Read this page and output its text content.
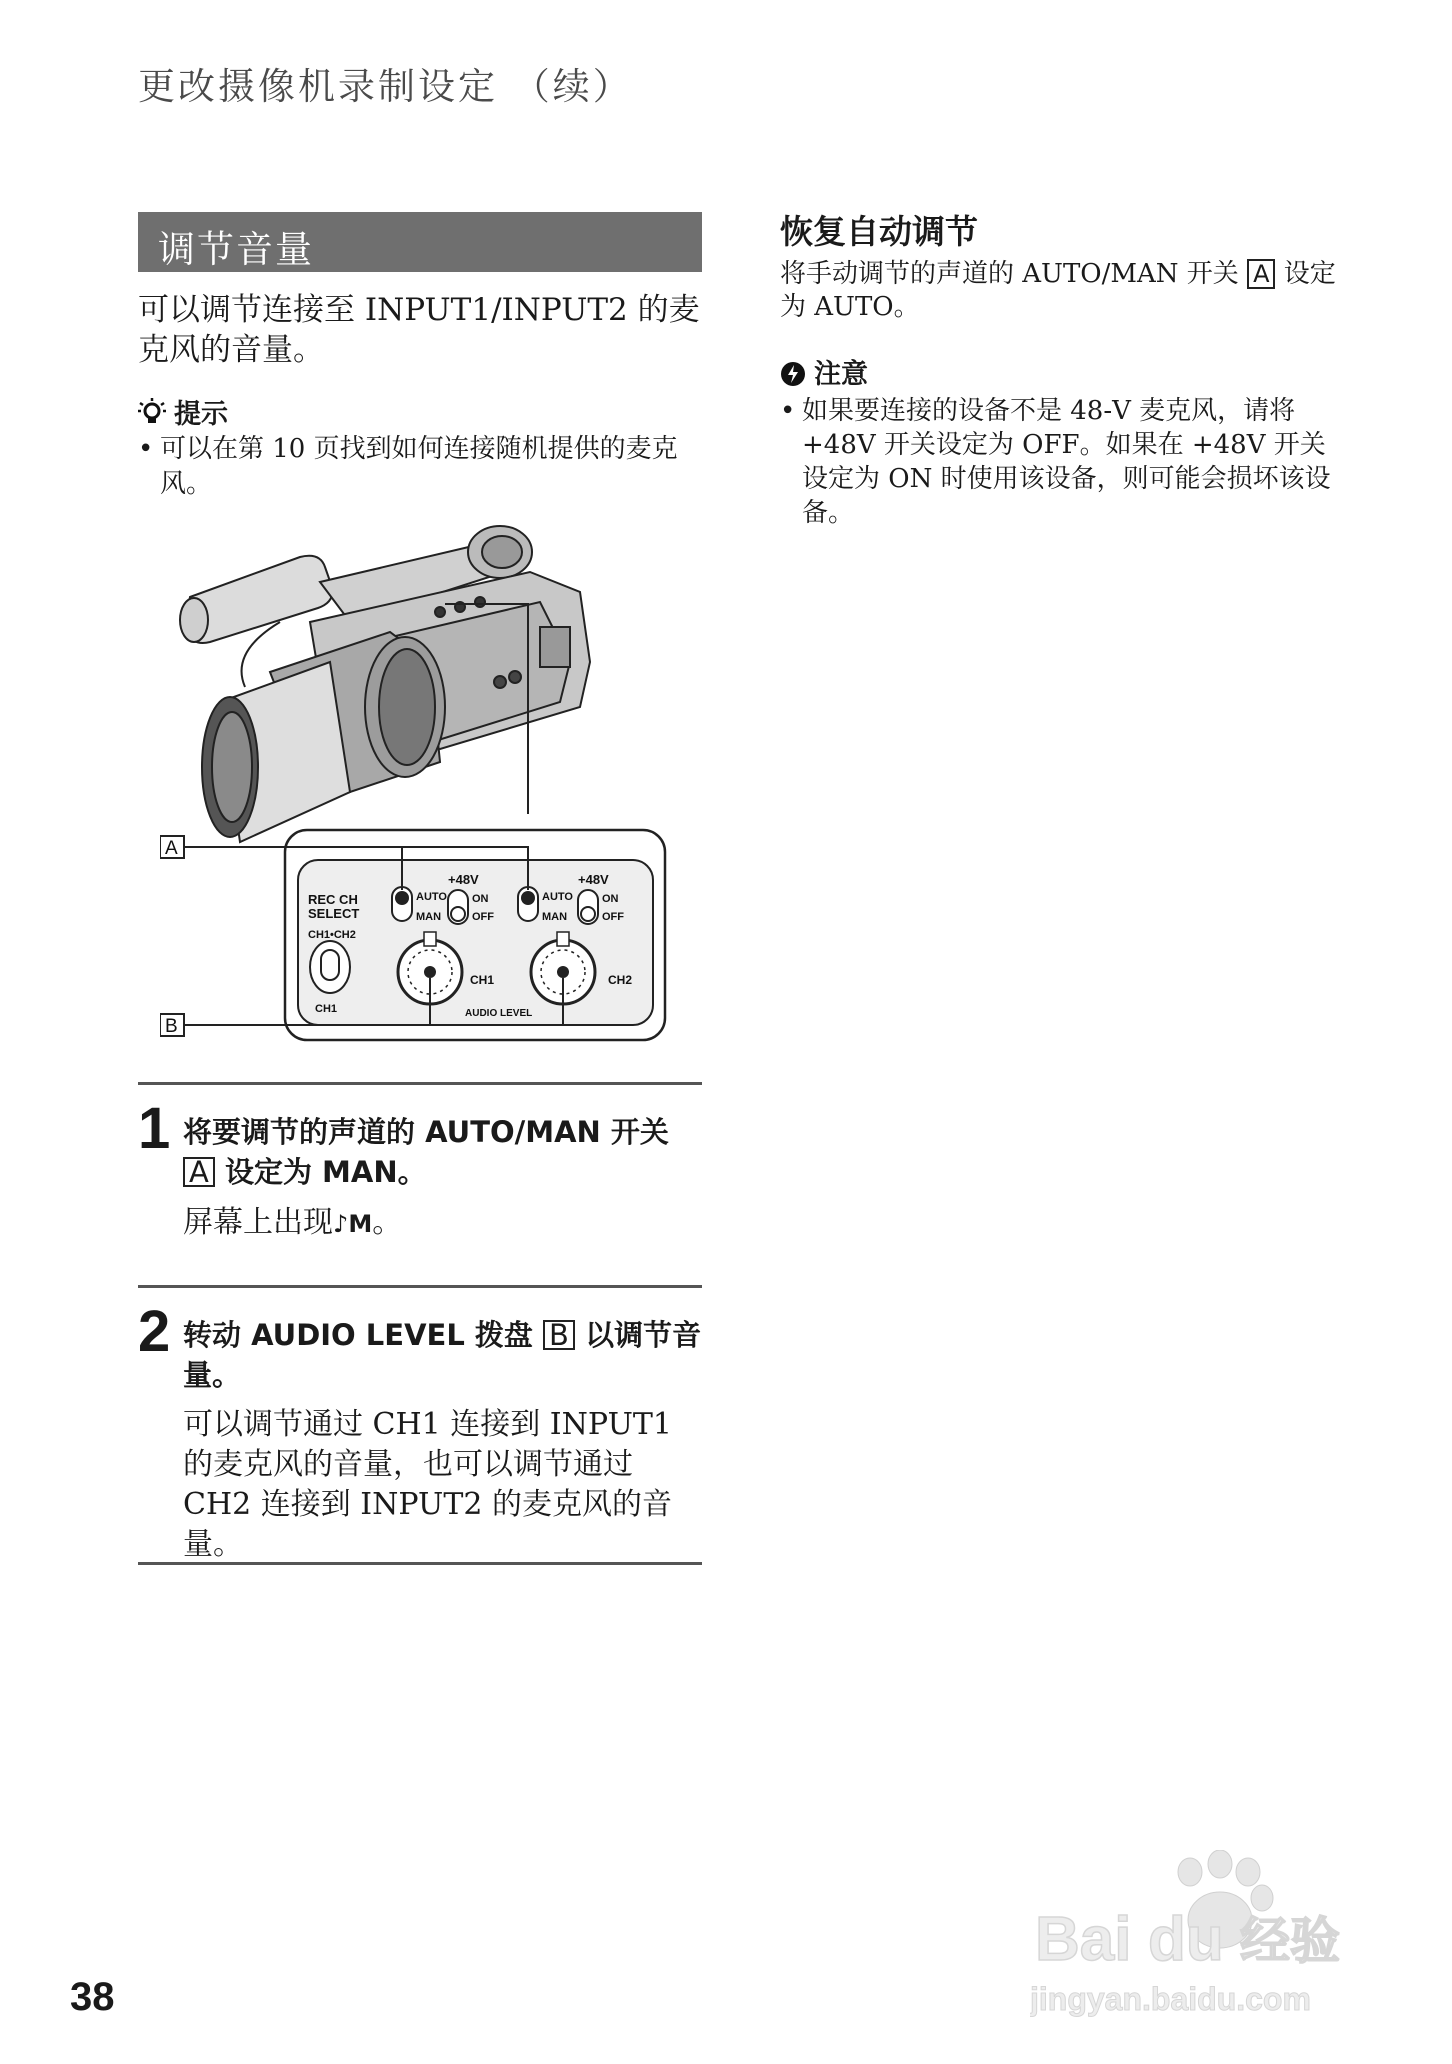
更改摄像机录制设定 （续）
调节音量
可以调节连接至 INPUT1/INPUT2 的麦克风的音量。
提示
• 可以在第 10 页找到如何连接随机提供的麦克风。
REC CH
SELECT
CH1•CH2
CH1
AUTO
MAN
+48V
ON
OFF
AUTO
MAN
+48V
ON
OFF
CH1	CH2
AUDIO LEVEL
A
B
1 将要调节的声道的 AUTO/MAN 开关 A 设定为 MAN。
屏幕上出现♪M。
2 转动 AUDIO LEVEL 拨盘 B 以调节音量。
可以调节通过 CH1 连接到 INPUT1 的麦克风的音量，也可以调节通过 CH2 连接到 INPUT2 的麦克风的音量。
恢复自动调节
将手动调节的声道的 AUTO/MAN 开关 A 设定为 AUTO。
注意
• 如果要连接的设备不是 48-V 麦克风，请将 +48V 开关设定为 OFF。如果在 +48V 开关设定为 ON 时使用该设备，则可能会损坏该设备。
38
Bai du 经验
jingyan.baidu.com
